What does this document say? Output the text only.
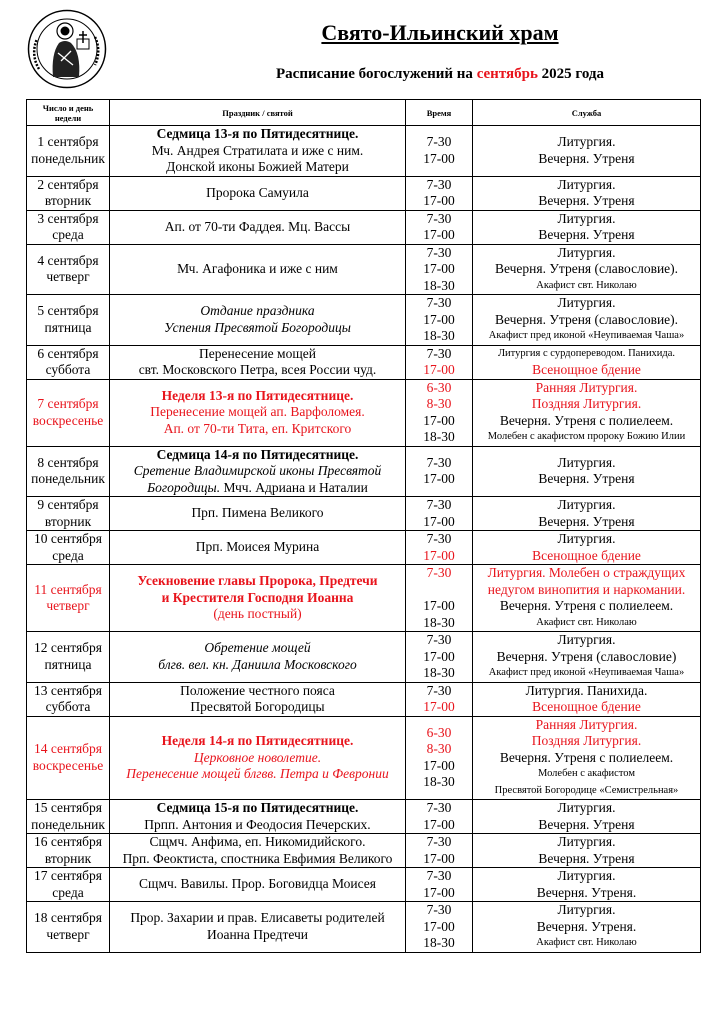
Свято-Ильинский храм
Расписание богослужений на сентябрь 2025 года
Число и день недели	Праздник / святой	Время	Служба

1 сентября
понедельник	Седмица 13-я по Пятидесятнице.
Мч. Андрея Стратилата и иже с ним.
Донской иконы Божией Матери	7-30
17-00	Литургия.
Вечерня. Утреня

2 сентября
вторник	Пророка Самуила	7-30
17-00	Литургия.
Вечерня. Утреня

3 сентября
среда	Ап. от 70-ти Фаддея. Мц. Вассы	7-30
17-00	Литургия.
Вечерня. Утреня

4 сентября
четверг	Мч. Агафоника и иже с ним	7-30
17-00
18-30	Литургия.
Вечерня. Утреня (славословие).
Акафист свт. Николаю

5 сентября
пятница	Отдание праздника
Успения Пресвятой Богородицы	7-30
17-00
18-30	Литургия.
Вечерня. Утреня (славословие).
Акафист пред иконой «Неупиваемая Чаша»

6 сентября
суббота	Перенесение мощей
свт. Московского Петра, всея России чуд.	7-30
17-00	Литургия с сурдопереводом. Панихида.
Всенощное бдение

7 сентября
воскресенье	Неделя 13-я по Пятидесятнице.
Перенесение мощей ап. Варфоломея.
Ап. от 70-ти Тита, еп. Критского	6-30
8-30
17-00
18-30	Ранняя Литургия.
Поздняя Литургия.
Вечерня. Утреня с полиелеем.
Молебен с акафистом пророку Божию Илии

8 сентября
понедельник	Седмица 14-я по Пятидесятнице.
Сретение Владимирской иконы Пресвятой
Богородицы. Мчч. Адриана и Наталии	7-30
17-00	Литургия.
Вечерня. Утреня

9 сентября
вторник	Прп. Пимена Великого	7-30
17-00	Литургия.
Вечерня. Утреня

10 сентября
среда	Прп. Моисея Мурина	7-30
17-00	Литургия.
Всенощное бдение

11 сентября
четверг	Усекновение главы Пророка, Предтечи
и Крестителя Господня Иоанна
(день постный)	7-30

17-00
18-30	Литургия. Молебен о страждущих
недугом винопития и наркомании.
Вечерня. Утреня с полиелеем.
Акафист свт. Николаю

12 сентября
пятница	Обретение мощей
блгв. вел. кн. Даниила Московского	7-30
17-00
18-30	Литургия.
Вечерня. Утреня (славословие)
Акафист пред иконой «Неупиваемая Чаша»

13 сентября
суббота	Положение честного пояса
Пресвятой Богородицы	7-30
17-00	Литургия. Панихида.
Всенощное бдение

14 сентября
воскресенье	Неделя 14-я по Пятидесятнице.
Церковное новолетие.
Перенесение мощей блгвв. Петра и Февронии	6-30
8-30
17-00
18-30	Ранняя Литургия.
Поздняя Литургия.
Вечерня. Утреня с полиелеем.
Молебен с акафистом
Пресвятой Богородице «Семистрельная»

15 сентября
понедельник	Седмица 15-я по Пятидесятнице.
Прпп. Антония и Феодосия Печерских.	7-30
17-00	Литургия.
Вечерня. Утреня

16 сентября
вторник	Сщмч. Анфима, еп. Никомидийского.
Прп. Феоктиста, спостника Евфимия Великого	7-30
17-00	Литургия.
Вечерня. Утреня

17 сентября
среда	Сщмч. Вавилы. Прор. Боговидца Моисея	7-30
17-00	Литургия.
Вечерня. Утреня.

18 сентября
четверг	Прор. Захарии и прав. Елисаветы родителей
Иоанна Предтечи	7-30
17-00
18-30	Литургия.
Вечерня. Утреня.
Акафист свт. Николаю
